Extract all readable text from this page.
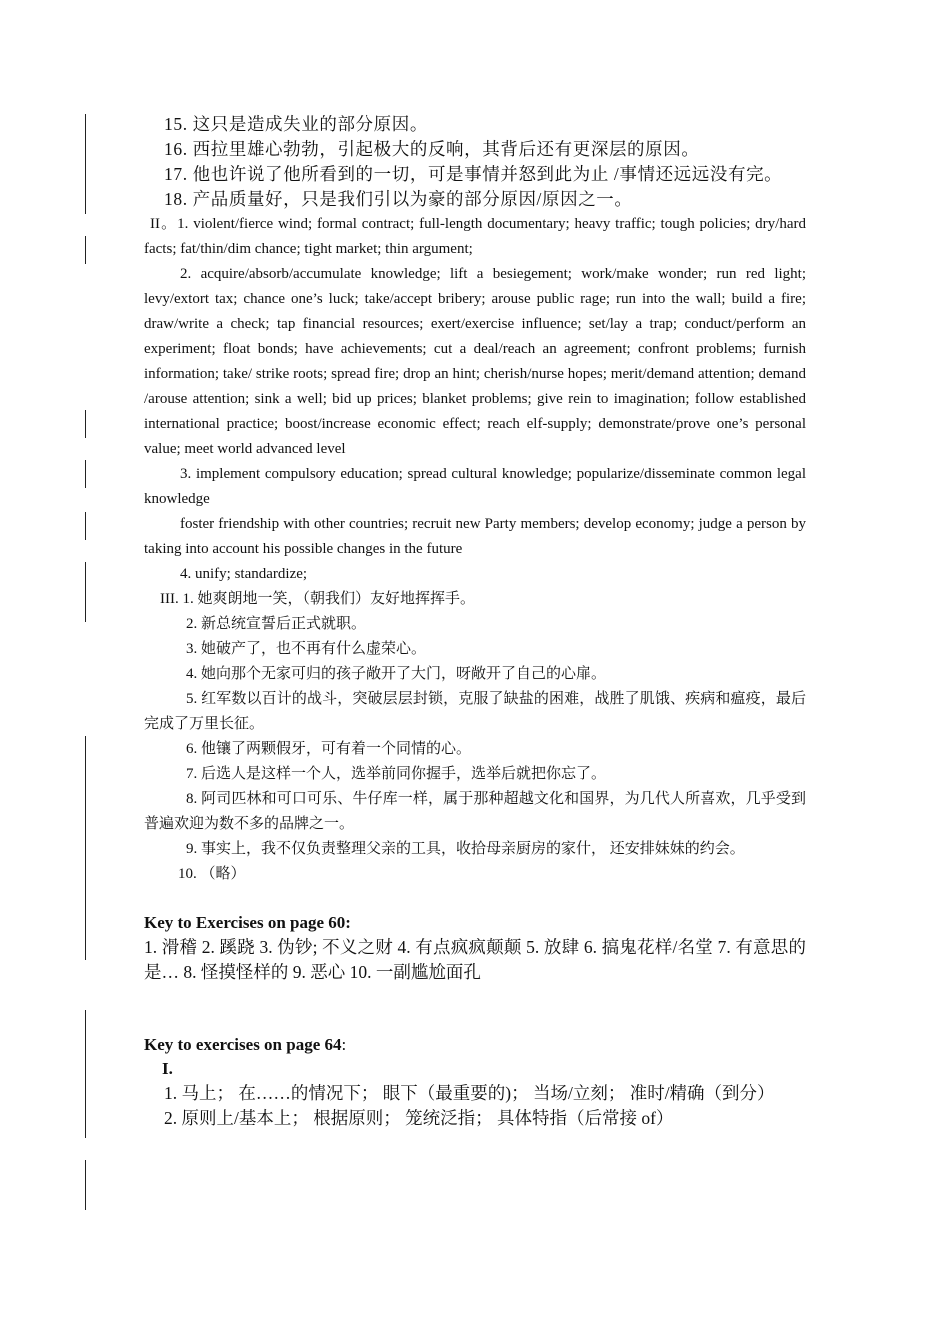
15. 这只是造成失业的部分原因。
16. 西拉里雄心勃勃，引起极大的反响，其背后还有更深层的原因。
17. 他也许说了他所看到的一切，可是事情并怒到此为止 /事情还远远没有完。
18. 产品质量好，只是我们引以为豪的部分原因/原因之一。
II。1. violent/fierce wind; formal contract; full-length documentary; heavy traffic; tough policies; dry/hard facts; fat/thin/dim chance; tight market; thin argument;
2. acquire/absorb/accumulate knowledge; lift a besiegement; work/make wonder; run red light; levy/extort tax; chance one’s luck; take/accept bribery; arouse public rage; run into the wall; build a fire; draw/write a check; tap financial resources; exert/exercise influence; set/lay a trap; conduct/perform an experiment; float bonds; have achievements; cut a deal/reach an agreement; confront problems; furnish information; take/ strike roots; spread fire; drop an hint; cherish/nurse hopes; merit/demand attention; demand /arouse attention; sink a well; bid up prices; blanket problems; give rein to imagination; follow established international practice; boost/increase economic effect; reach elf-supply; demonstrate/prove one’s personal value; meet world advanced level
3. implement compulsory education; spread cultural knowledge; popularize/disseminate common legal knowledge
foster friendship with other countries; recruit new Party members; develop economy; judge a person by taking into account his possible changes in the future
4. unify; standardize;
III. 1. 她爽朗地一笑，（朝我们）友好地挥挥手。
2. 新总统宣誓后正式就职。
3. 她破产了，也不再有什么虚荣心。
4. 她向那个无家可归的孩子敞开了大门，呀敞开了自己的心扉。
5. 红军数以百计的战斗，突破层层封锁，克服了缺盐的困难，战胜了肌饿、疾病和瘟疫，最后完成了万里长征。
6. 他镶了两颗假牙，可有着一个同情的心。
7. 后选人是这样一个人，选举前同你握手，选举后就把你忘了。
8. 阿司匹林和可口可乐、牛仔库一样，属于那种超越文化和国界，为几代人所喜欢，几乎受到普遍欢迎为数不多的品牌之一。
9. 事实上，我不仅负责整理父亲的工具，收拾母亲厨房的家什， 还安排妹妹的约会。
10. （略）
Key to Exercises on page 60:
1. 滑稽 2. 蹊跷 3. 伪钞; 不义之财 4. 有点疯疯颠颠 5. 放肆 6. 搞鬼花样/名堂 7. 有意思的是… 8. 怪摸怪样的 9. 恶心 10. 一副尴尬面孔
Key to exercises on page 64:
I.
1. 马上； 在……的情况下； 眼下（最重要的)； 当场/立刻； 准时/精确（到分）
2. 原则上/基本上； 根据原则； 笼统泛指； 具体特指（后常接 of）
